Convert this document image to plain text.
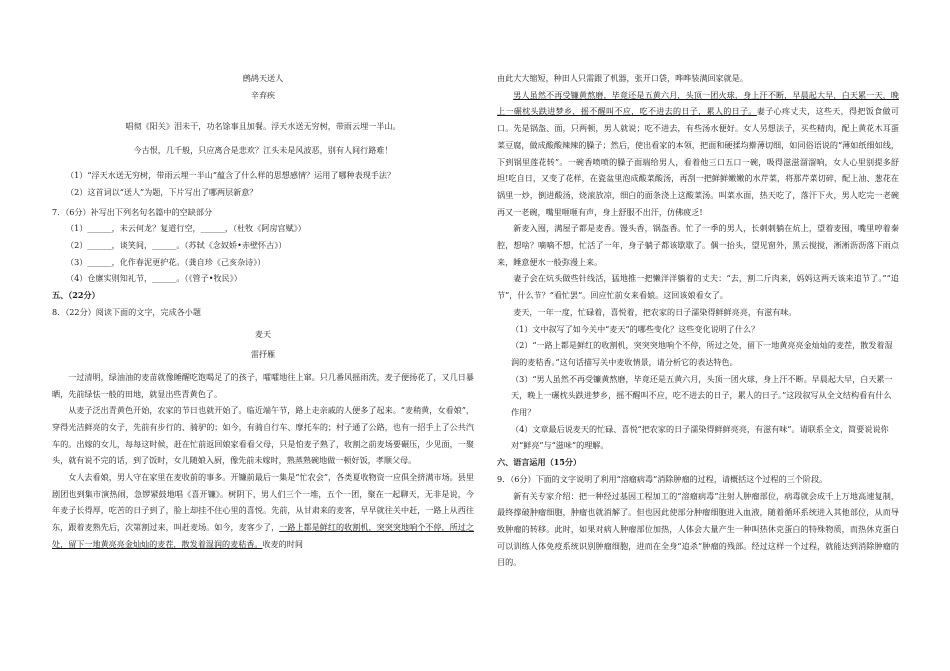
鹧鸪天送人

辛弃疾

唱彻《阳关》泪未干，功名馀事且加餐。浮天水送无穷树，带雨云埋一半山。

今古恨，几千般，只应离合是悲欢？江头未是风波恶，别有人间行路难！

（1）“浮天水送无穷树，带雨云埋一半山”蕴含了什么样的思想感情？运用了哪种表现手法？

（2）这首词以“送人”为题，下片写出了哪两层新意？

7．（6分）补写出下列名句名篇中的空缺部分

（1）______，未云何龙？复道行空，______，（杜牧《阿房宫赋》）

（2）______，谈笑间，______。（苏轼《念奴娇•赤壁怀古》）

（3）______，化作春泥更护花。（龚自珍《己亥杂诗》）

（4）仓廪实则知礼节，______。（《管子•牧民》）

五、（22分）

8．（22分）阅读下面的文字，完成各小题

麦天

雷抒雁

一过清明，绿油油的麦苗就像睡醒吃饱喝足了的孩子，嚯嚯地往上窜。只几番风摇雨洗，麦子便扬花了，又几日暴晒，先前绿怯一般的田地，就显出些青黄色了。

从麦子泛出青黄色开始，农家的节日也就开始了。临近端午节，路上走亲戚的人便多了起来。“麦稍黄，女看娘”，穿得光洁鲜亮的女子，先前有步行的、骑驴的；如今，有骑自行车、摩托车的；村子通了公路，也有一招手上了公共汽车的。出嫁的女儿，每每这时候，赶在忙前返回娘家看看父母，只是怕麦子熟了，收割之前麦场要碾压，少见面，一聚头，就有说不完的话，到了饭时，女儿随娘入厨，像先前未嫁时，熟蒸熟碗地做一顿好饭，孝顺父母。

女人去看娘，男人守在家里在麦收前的事多。开镰前最后一集是“忙农会”，各类夏收物资一应俱全挤满市场。县里剧团也到集市演热闹，急锣紧鼓地唱《喜开镰》。树阴下，男人们三个一堆，五个一团，聚在一起聊天，无非是说，今年麦子长得厚，吃苦的日子到了，脸上却挂不住心里的喜悦。先前，从甘肃来的麦客，早早就往关中赶，一路上从西往东，跟着麦熟先后，次第割过来，叫赶麦场。如今，麦客少了，一路上都是鲜红的收割机，突突突地响个不停，所过之处，留下一地黄亮亮金灿灿的麦茬，散发着湿润的麦秸香。收麦的时间

由此大大缩短，种田人只需跟了机器，张开口袋，哗哗装满回家就是。

男人虽然不再受镰黄熬磨，毕竟还是五黄六月，头顶一团火球，身上汗不断，早晨起大早，白天累一天，晚上一碾枕头跌进梦乡，摇不醒叫不应，吃不进去的日子，累人的日子。妻子心疼丈夫，这些天，得把饭食做可口。先是锅盔、面，只两顿，男人就说；吃不进去，有些汤水便好。女人另想法子，买些精肉，配上黄花木耳蛋菜豆腐，做成酸酸辣辣的臊子；然后，使出看家的本领，把面和硬揉均擀薄切细，如同俗语说的“薄如纸细如线，下到锅里莲花转”。一碗香喷喷的臊子面端给男人，看着他三口五口一碗，吸得滋滋溜溜响，女人心里别提多舒坦!吃自日，又变了花样，在瓷盆里泡成酸菜酸汤，再刮一把鲜鲜嫩嫩的水芹菜，将那芹菜切碎，配上油、葱花在锅里一炒，倒进酸汤，烧滚放凉，细白的面条浇上这酸菜汤。叫菜水面，热天吃了，落汗下火，男人吃完一老碗再又一老碗，嘴里咂咂有声，身上舒服不出汗，仿佛疲乏!

新麦入囤，满屋子都是麦香。馒头香，锅盔香。忙了一季的男人，长刺刺躺在炕上，望着麦囤，嘴里哼着秦腔，想啥？嘀嘀不想，忙活了一年，身子躺子都该歇歇了。偶一抬头，望见窗外，黑云搅搅，淅淅沥沥落下雨点来，睡意便水一般弥漫上来。

妻子会在炕头做些针线活，猛地推一把懒洋洋躺着的丈夫：“去，割二斤肉来，妈妈这两天该来追节了。”“追节”，什么节？“看忙罢”。回应忙前女来看娘。这回该娘看女了。

麦天，一年一度，忙碌着，喜悦着，把农家的日子濡染得鲜鲜亮亮，有滋有味。

（1）文中叙写了如今关中“麦天”的哪些变化？这些变化说明了什么？

（2）“一路上都是鲜红的收割机，突突突地响个不停，所过之处，留下一地黄亮亮金灿灿的麦茬，散发着湿润的麦秸香。”这句话描写关中麦收情景，请分析它的表达特色。

（3）“男人虽然不再受镰黄熬磨，毕竟还是五黄六月，头顶一团火球，身上汗不断。早晨起大早，白天累一天，晚上一碾枕头跌进梦乡，摇不醒叫不应，吃不进去的日子，累人的日子。”这段叙写从全文结构看有什么作用？

（4）文章最后说麦天的忙碌、喜悦“把农家的日子濡染得鲜鲜亮亮，有滋有味”。请联系全文，简要说说你对“鲜亮”与“滋味”的理解。

六、语言运用（15分）

9．（6分）下面的文字说明了利用“溶瘤病毒”消除肿瘤的过程，请概括这个过程的三个阶段。

新有关专家介绍：把一种经过基因工程加工的“溶瘤病毒”注射人肿瘤部位，病毒就会成千上万地高速复制，最终撑破肿瘤细胞，肿瘤也就消解了。但也因此使部分肿瘤细胞进入血液，随着循环系统进入其他部位，从而导致肿瘤的转移。此时，如果对病人肿瘤部位加热，人体会大量产生一种叫热休克蛋白的特殊物质，而热休克蛋白可以训练人体免疫系统识别肿瘤细胞，进而在全身“追杀”肿瘤的残部。经过这样一个过程，就能达到消除肿瘤的目的。
